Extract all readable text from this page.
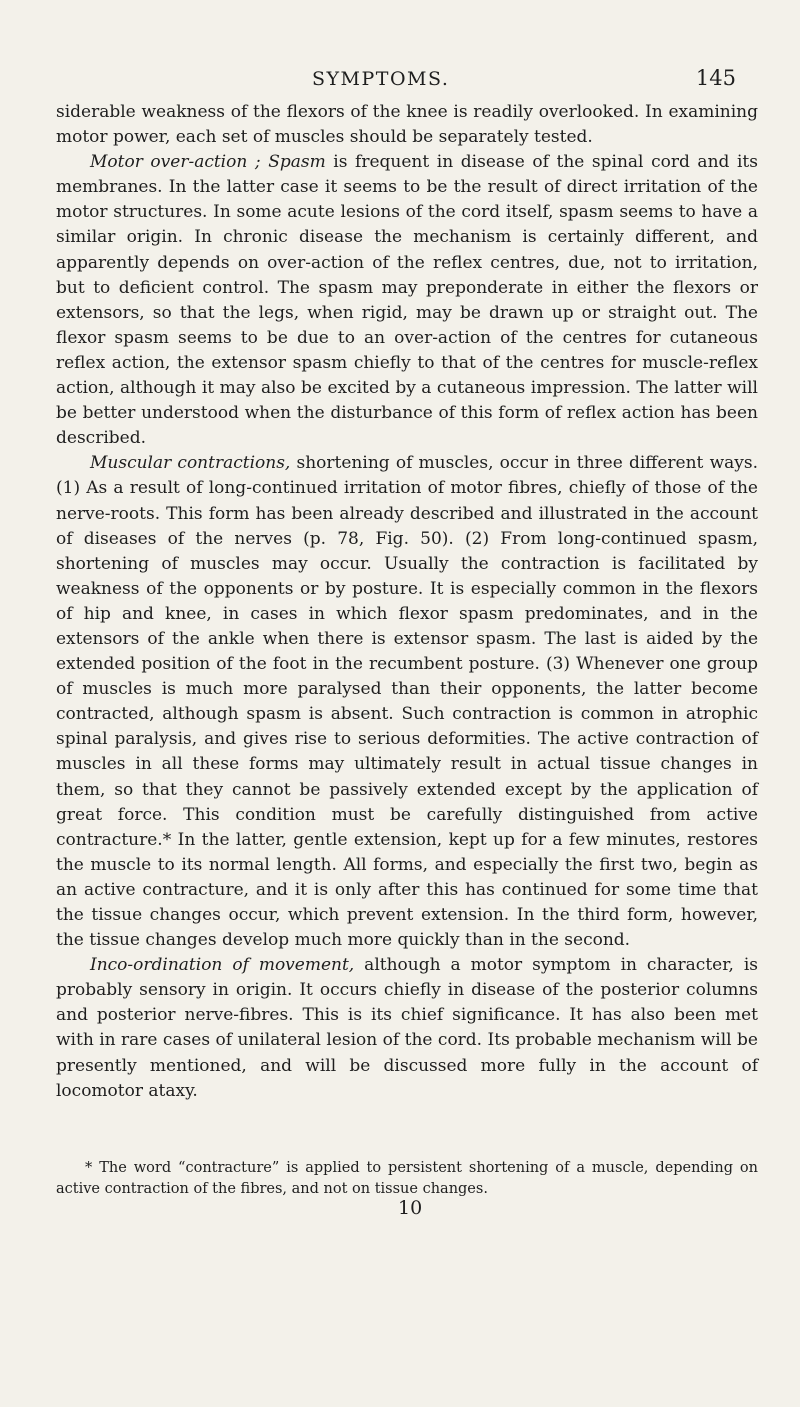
SYMPTOMS.	145

siderable weakness of the flexors of the knee is readily overlooked. In examining motor power, each set of muscles should be separately tested.

Motor over-action ; Spasm is frequent in disease of the spinal cord and its membranes. In the latter case it seems to be the result of direct irritation of the motor structures. In some acute lesions of the cord itself, spasm seems to have a similar origin. In chronic disease the mechanism is certainly different, and apparently depends on over-action of the reflex centres, due, not to irritation, but to deficient control. The spasm may preponderate in either the flexors or extensors, so that the legs, when rigid, may be drawn up or straight out. The flexor spasm seems to be due to an over-action of the centres for cutaneous reflex action, the extensor spasm chiefly to that of the centres for muscle-reflex action, although it may also be excited by a cutaneous impression. The latter will be better understood when the disturbance of this form of reflex action has been described.

Muscular contractions, shortening of muscles, occur in three different ways. (1) As a result of long-continued irritation of motor fibres, chiefly of those of the nerve-roots. This form has been already described and illustrated in the account of diseases of the nerves (p. 78, Fig. 50). (2) From long-continued spasm, shortening of muscles may occur. Usually the contraction is facilitated by weakness of the opponents or by posture. It is especially common in the flexors of hip and knee, in cases in which flexor spasm predominates, and in the extensors of the ankle when there is extensor spasm. The last is aided by the extended position of the foot in the recumbent posture. (3) Whenever one group of muscles is much more paralysed than their opponents, the latter become contracted, although spasm is absent. Such contraction is common in atrophic spinal paralysis, and gives rise to serious deformities. The active contraction of muscles in all these forms may ultimately result in actual tissue changes in them, so that they cannot be passively extended except by the application of great force. This condition must be carefully distinguished from active contracture.* In the latter, gentle extension, kept up for a few minutes, restores the muscle to its normal length. All forms, and especially the first two, begin as an active contracture, and it is only after this has continued for some time that the tissue changes occur, which prevent extension. In the third form, however, the tissue changes develop much more quickly than in the second.

Inco-ordination of movement, although a motor symptom in character, is probably sensory in origin. It occurs chiefly in disease of the posterior columns and posterior nerve-fibres. This is its chief significance. It has also been met with in rare cases of unilateral lesion of the cord. Its probable mechanism will be presently mentioned, and will be discussed more fully in the account of locomotor ataxy.

* The word “contracture” is applied to persistent shortening of a muscle, depending on active contraction of the fibres, and not on tissue changes.
10
